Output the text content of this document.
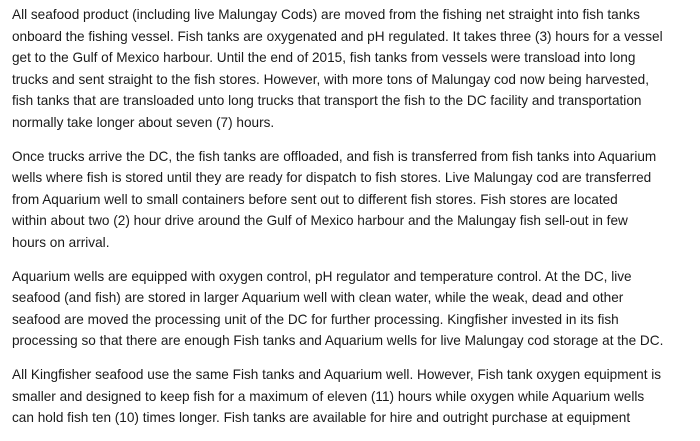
All seafood product (including live Malungay Cods) are moved from the fishing net straight into fish tanks
onboard the fishing vessel. Fish tanks are oxygenated and pH regulated. It takes three (3) hours for a vessel
get to the Gulf of Mexico harbour. Until the end of 2015, fish tanks from vessels were transload into long
trucks and sent straight to the fish stores. However, with more tons of Malungay cod now being harvested,
fish tanks that are transloaded unto long trucks that transport the fish to the DC facility and transportation
normally take longer about seven (7) hours.

Once trucks arrive the DC, the fish tanks are offloaded, and fish is transferred from fish tanks into Aquarium
wells where fish is stored until they are ready for dispatch to fish stores. Live Malungay cod are transferred
from Aquarium well to small containers before sent out to different fish stores. Fish stores are located
within about two (2) hour drive around the Gulf of Mexico harbour and the Malungay fish sell-out in few
hours on arrival.

Aquarium wells are equipped with oxygen control, pH regulator and temperature control. At the DC, live
seafood (and fish) are stored in larger Aquarium well with clean water, while the weak, dead and other
seafood are moved the processing unit of the DC for further processing. Kingfisher invested in its fish
processing so that there are enough Fish tanks and Aquarium wells for live Malungay cod storage at the DC.

All Kingfisher seafood use the same Fish tanks and Aquarium well. However, Fish tank oxygen equipment is
smaller and designed to keep fish for a maximum of eleven (11) hours while oxygen while Aquarium wells
can hold fish ten (10) times longer. Fish tanks are available for hire and outright purchase at equipment
